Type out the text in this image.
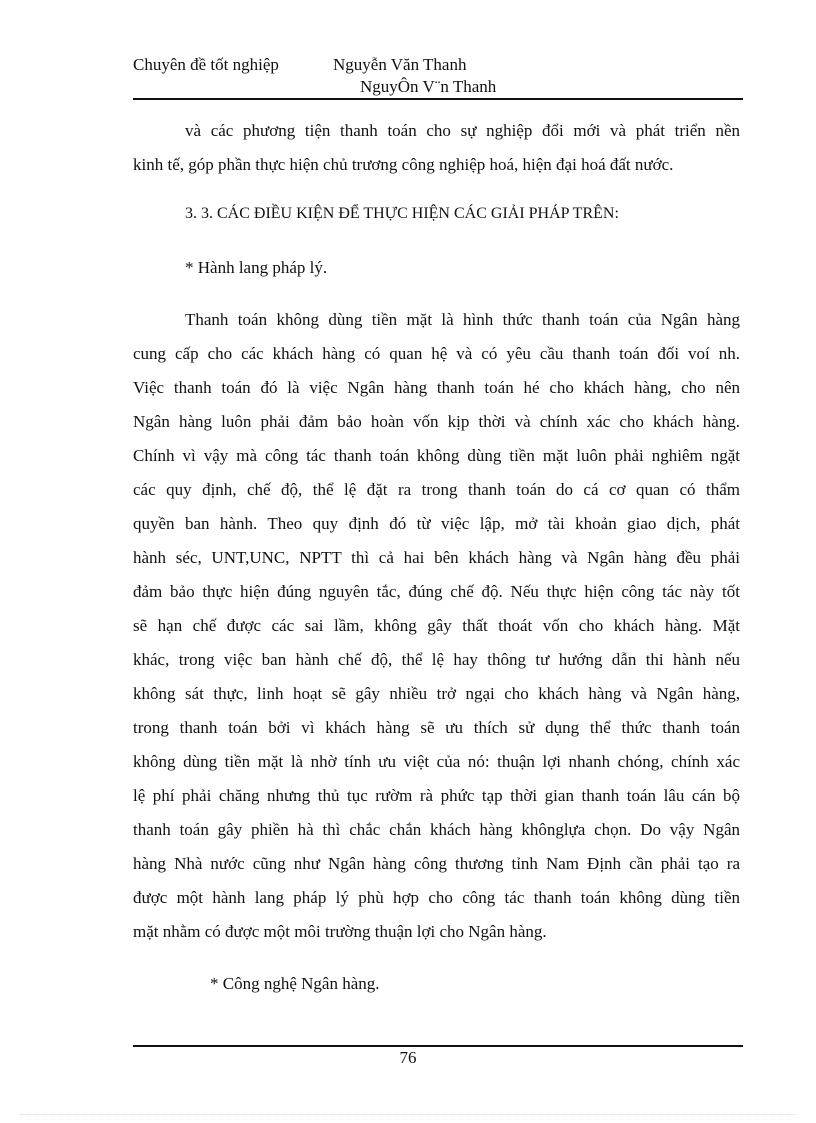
Chuyên đề tốt nghiệp	Nguyễn Văn Thanh
NguyÔn V¨n Thanh
và các phương tiện thanh toán cho sự nghiệp đổi mới và phát triển nền
kinh tế, góp phần thực hiện chủ trương công nghiệp hoá, hiện đại hoá đất nước.
3. 3. CÁC ĐIỀU KIỆN ĐỂ THỰC HIỆN CÁC GIẢI PHÁP TRÊN:
* Hành lang pháp lý.
Thanh toán không dùng tiền mặt là hình thức thanh toán của Ngân hàng
cung cấp cho các khách hàng có quan hệ và có yêu cầu thanh toán đối voí nh.
Việc thanh toán đó là việc Ngân hàng thanh toán hé cho khách hàng, cho nên
Ngân hàng luôn phải đảm bảo hoàn vốn kịp thời và chính xác cho khách hàng.
Chính vì vậy mà công tác thanh toán không dùng tiền mặt luôn phải nghiêm ngặt
các quy định, chế độ, thể lệ đặt ra trong thanh toán do cá cơ quan có thẩm
quyền ban hành. Theo quy định đó từ việc lập, mở tài khoản giao dịch, phát
hành séc, UNT,UNC, NPTT thì cả hai bên khách hàng và Ngân hàng đều phải
đảm bảo thực hiện đúng nguyên tắc, đúng chế độ. Nếu thực hiện công tác này tốt
sẽ hạn chế được các sai lầm, không gây thất thoát vốn cho khách hàng. Mặt
khác, trong việc ban hành chế độ, thể lệ hay thông tư hướng dẫn thi hành nếu
không sát thực, linh hoạt sẽ gây nhiều trở ngại cho khách hàng và Ngân hàng,
trong thanh toán bởi vì khách hàng sẽ ưu thích sử dụng thể thức thanh toán
không dùng tiền mặt là nhờ tính ưu việt của nó: thuận lợi nhanh chóng, chính xác
lệ phí phải chăng nhưng thủ tục rườm rà phức tạp thời gian thanh toán lâu cán bộ
thanh toán gây phiền hà thì chắc chắn khách hàng khônglựa chọn. Do vậy Ngân
hàng Nhà nước cũng như Ngân hàng công thương tỉnh Nam Định cần phải tạo ra
được một hành lang pháp lý phù hợp cho công tác thanh toán không dùng tiền
mặt nhằm có được một môi trường thuận lợi cho Ngân hàng.
* Công nghệ Ngân hàng.
76
